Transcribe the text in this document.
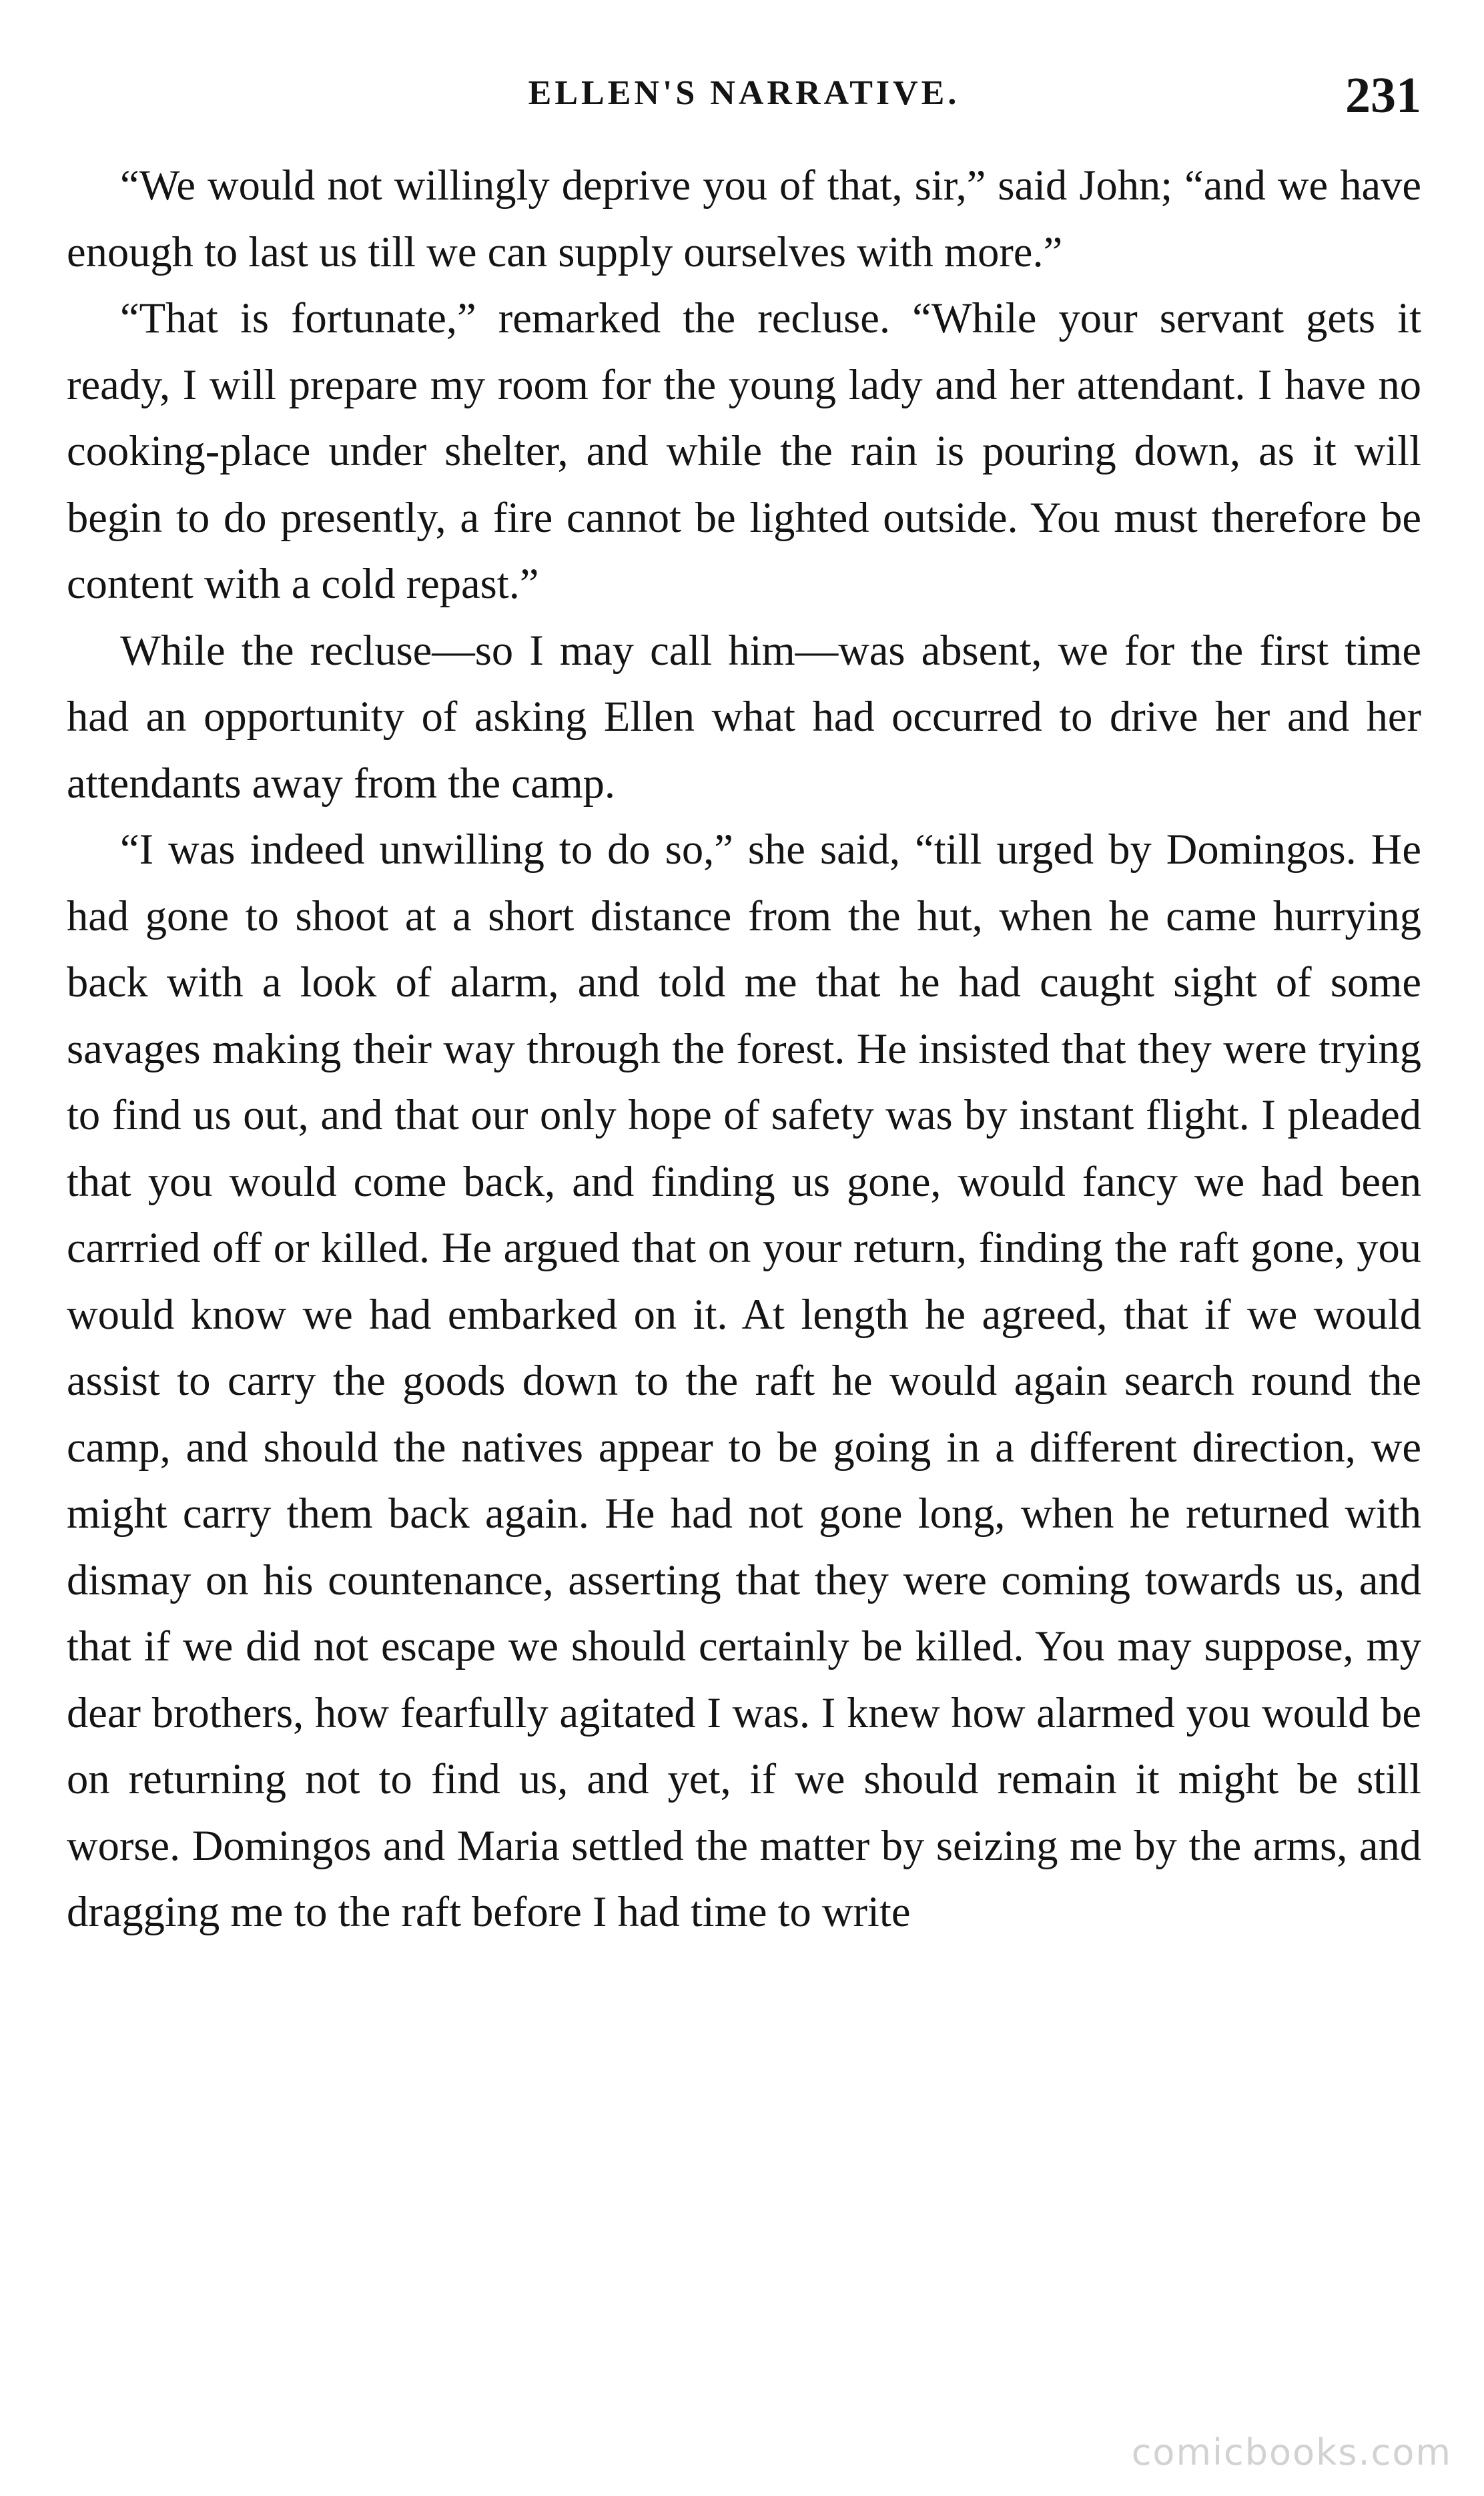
ELLEN'S NARRATIVE.	231

“We would not willingly deprive you of that, sir,” said John; “and we have enough to last us till we can supply ourselves with more.”

“That is fortunate,” remarked the recluse. “While your servant gets it ready, I will prepare my room for the young lady and her attendant. I have no cooking-place under shelter, and while the rain is pouring down, as it will begin to do presently, a fire cannot be lighted outside. You must therefore be content with a cold repast.”

While the recluse—so I may call him—was absent, we for the first time had an opportunity of asking Ellen what had occurred to drive her and her attendants away from the camp.

“I was indeed unwilling to do so,” she said, “till urged by Domingos. He had gone to shoot at a short distance from the hut, when he came hurrying back with a look of alarm, and told me that he had caught sight of some savages making their way through the forest. He insisted that they were trying to find us out, and that our only hope of safety was by instant flight. I pleaded that you would come back, and finding us gone, would fancy we had been carrried off or killed. He argued that on your return, finding the raft gone, you would know we had embarked on it. At length he agreed, that if we would assist to carry the goods down to the raft he would again search round the camp, and should the natives appear to be going in a different direction, we might carry them back again. He had not gone long, when he returned with dismay on his countenance, asserting that they were coming towards us, and that if we did not escape we should certainly be killed. You may suppose, my dear brothers, how fearfully agitated I was. I knew how alarmed you would be on returning not to find us, and yet, if we should remain it might be still worse. Domingos and Maria settled the matter by seizing me by the arms, and dragging me to the raft before I had time to write

comicbooks.com
